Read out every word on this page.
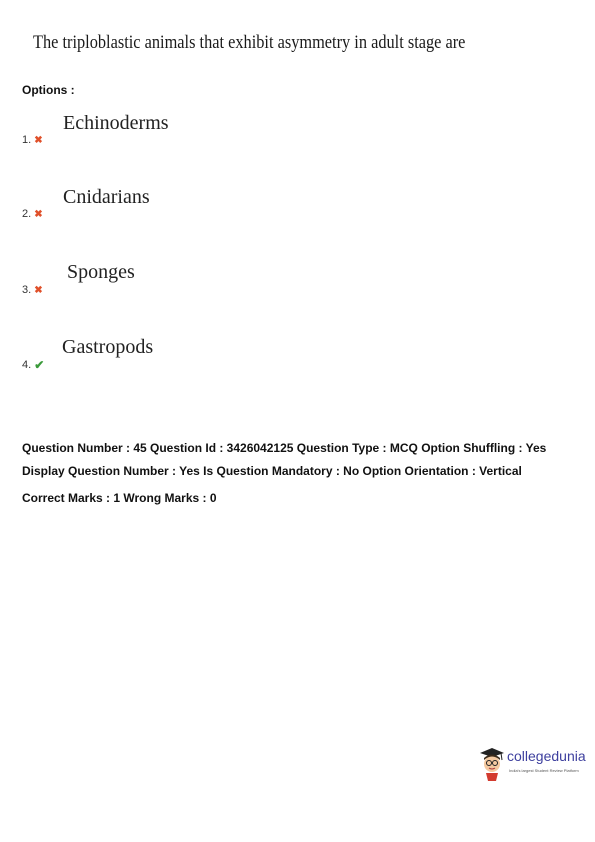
The triploblastic animals that exhibit asymmetry in adult stage are
Options :
Echinoderms
1. ✖
Cnidarians
2. ✖
Sponges
3. ✖
Gastropods
4. ✔
Question Number : 45 Question Id : 3426042125 Question Type : MCQ Option Shuffling : Yes
Display Question Number : Yes Is Question Mandatory : No Option Orientation : Vertical
Correct Marks : 1 Wrong Marks : 0
collegedunia
India's largest Student Review Platform
